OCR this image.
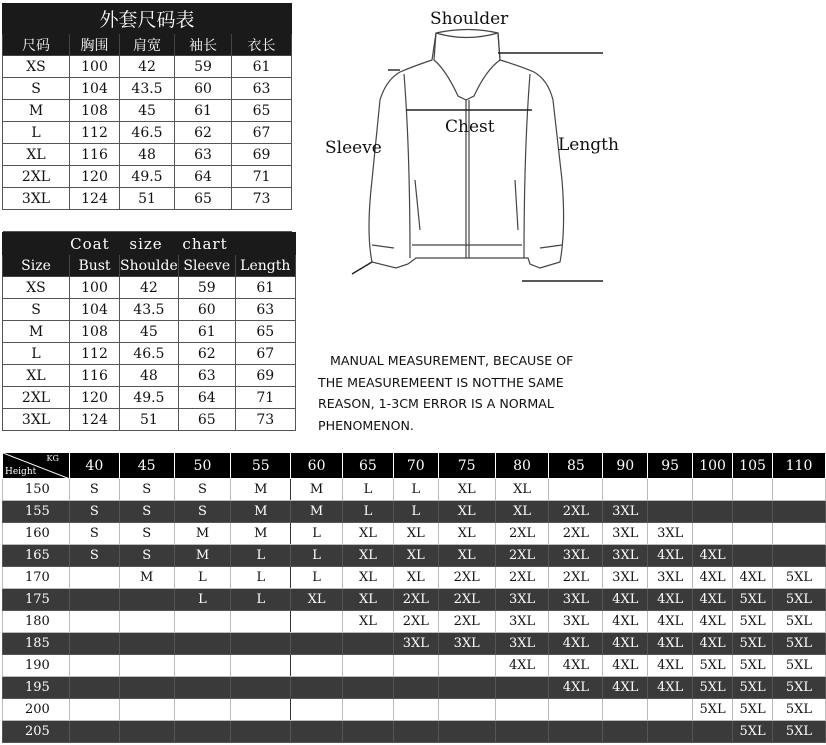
外套尺码表				
尺码	胸围	肩宽	袖长	衣长
XS	100	42	59	61
S	104	43.5	60	63
M	108	45	61	65
L	112	46.5	62	67
XL	116	48	63	69
2XL	120	49.5	64	71
3XL	124	51	65	73

Coat size chart				
Size	Bust	Shoulde	Sleeve	Length
XS	100	42	59	61
S	104	43.5	60	63
M	108	45	61	65
L	112	46.5	62	67
XL	116	48	63	69
2XL	120	49.5	64	71
3XL	124	51	65	73

Shoulder
Chest
Sleeve	Length
MANUAL MEASUREMENT, BECAUSE OF
THE MEASUREMEENT IS NOTTHE SAME
REASON, 1-3CM ERROR IS A NORMAL
PHENOMENON.
KG
Height	40	45	50	55	60	65	70	75	80	85	90	95	100	105	110
150	S	S	S	M	M	L	L	XL	XL						
155	S	S	S	M	M	L	L	XL	XL	2XL	3XL				
160	S	S	M	M	L	XL	XL	XL	2XL	2XL	3XL	3XL			
165	S	S	M	L	L	XL	XL	XL	2XL	3XL	3XL	4XL	4XL		
170		M	L	L	L	XL	XL	2XL	2XL	2XL	3XL	3XL	4XL	4XL	5XL
175			L	L	XL	XL	2XL	2XL	3XL	3XL	4XL	4XL	4XL	5XL	5XL
180						XL	2XL	2XL	3XL	3XL	4XL	4XL	4XL	5XL	5XL
185							3XL	3XL	3XL	4XL	4XL	4XL	4XL	5XL	5XL
190									4XL	4XL	4XL	4XL	5XL	5XL	5XL
195										4XL	4XL	4XL	5XL	5XL	5XL
200													5XL	5XL	5XL
205														5XL	5XL
